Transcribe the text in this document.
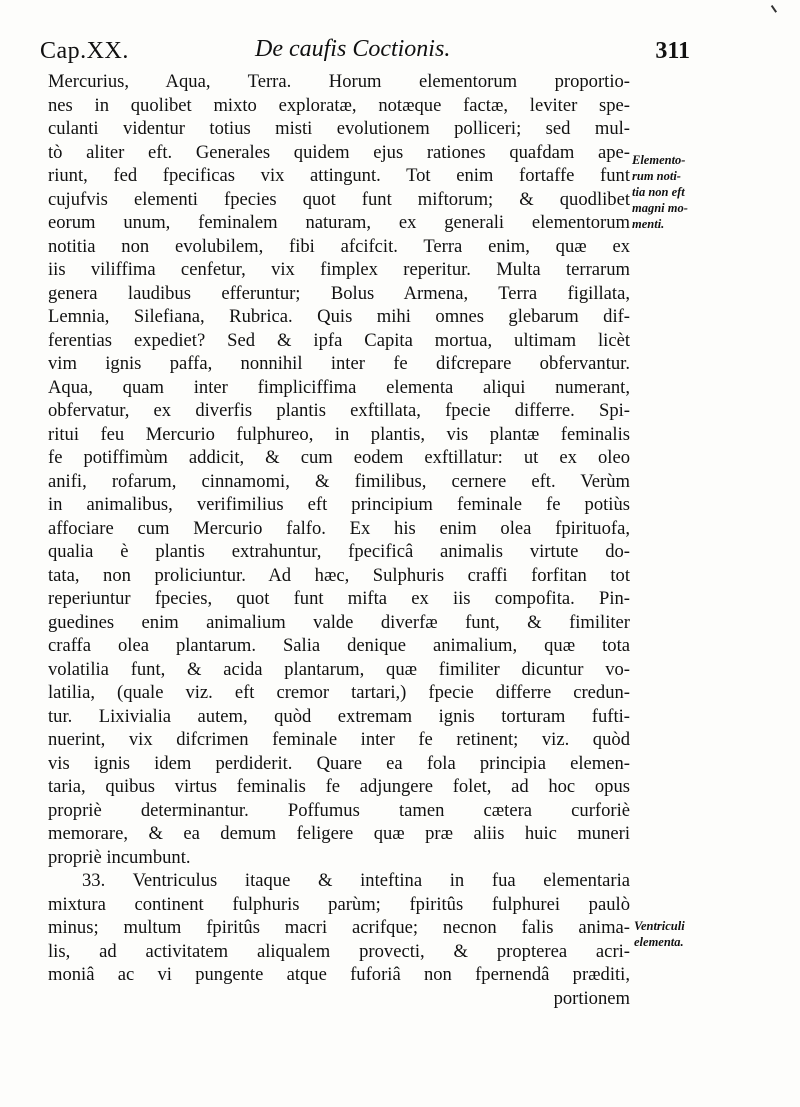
Cap.XX.	De caufis Coctionis.	311
Mercurius, Aqua, Terra. Horum elementorum proportio-
nes in quolibet mixto exploratæ, notæque factæ, leviter spe-
culanti videntur totius misti evolutionem polliceri; sed mul-
tò aliter eft. Generales quidem ejus rationes quafdam ape-
riunt, fed fpecificas vix attingunt. Tot enim fortaffe funt
cujufvis elementi fpecies quot funt miftorum; & quodlibet
eorum unum, feminalem naturam, ex generali elementorum
notitia non evolubilem, fibi afcifcit. Terra enim, quæ ex
iis viliffima cenfetur, vix fimplex reperitur. Multa terrarum
genera laudibus efferuntur; Bolus Armena, Terra figillata,
Lemnia, Silefiana, Rubrica. Quis mihi omnes glebarum dif-
ferentias expediet? Sed & ipfa Capita mortua, ultimam licèt
vim ignis paffa, nonnihil inter fe difcrepare obfervantur.
Aqua, quam inter fimpliciffima elementa aliqui numerant,
obfervatur, ex diverfis plantis exftillata, fpecie differre. Spi-
ritui feu Mercurio fulphureo, in plantis, vis plantæ feminalis
fe potiffimùm addicit, & cum eodem exftillatur: ut ex oleo
anifi, rofarum, cinnamomi, & fimilibus, cernere eft. Verùm
in animalibus, verifimilius eft principium feminale fe potiùs
affociare cum Mercurio falfo. Ex his enim olea fpirituofa,
qualia è plantis extrahuntur, fpecificâ animalis virtute do-
tata, non proliciuntur. Ad hæc, Sulphuris craffi forfitan tot
reperiuntur fpecies, quot funt mifta ex iis compofita. Pin-
guedines enim animalium valde diverfæ funt, & fimiliter
craffa olea plantarum. Salia denique animalium, quæ tota
volatilia funt, & acida plantarum, quæ fimiliter dicuntur vo-
latilia, (quale viz. eft cremor tartari,) fpecie differre credun-
tur. Lixivialia autem, quòd extremam ignis torturam fufti-
nuerint, vix difcrimen feminale inter fe retinent; viz. quòd
vis ignis idem perdiderit. Quare ea fola principia elemen-
taria, quibus virtus feminalis fe adjungere folet, ad hoc opus
propriè determinantur. Poffumus tamen cætera curforiè
memorare, & ea demum feligere quæ præ aliis huic muneri
propriè incumbunt.
33. Ventriculus itaque & inteftina in fua elementaria
mixtura continent fulphuris parùm; fpiritûs fulphurei paulò
minus; multum fpiritûs macri acrifque; necnon falis anima-
lis, ad activitatem aliqualem provecti, & propterea acri-
moniâ ac vi pungente atque fuforiâ non fpernendâ præditi,
portionem
Elemento-
rum noti-
tia non eft
magni mo-
menti.
Ventriculi
elementa.
